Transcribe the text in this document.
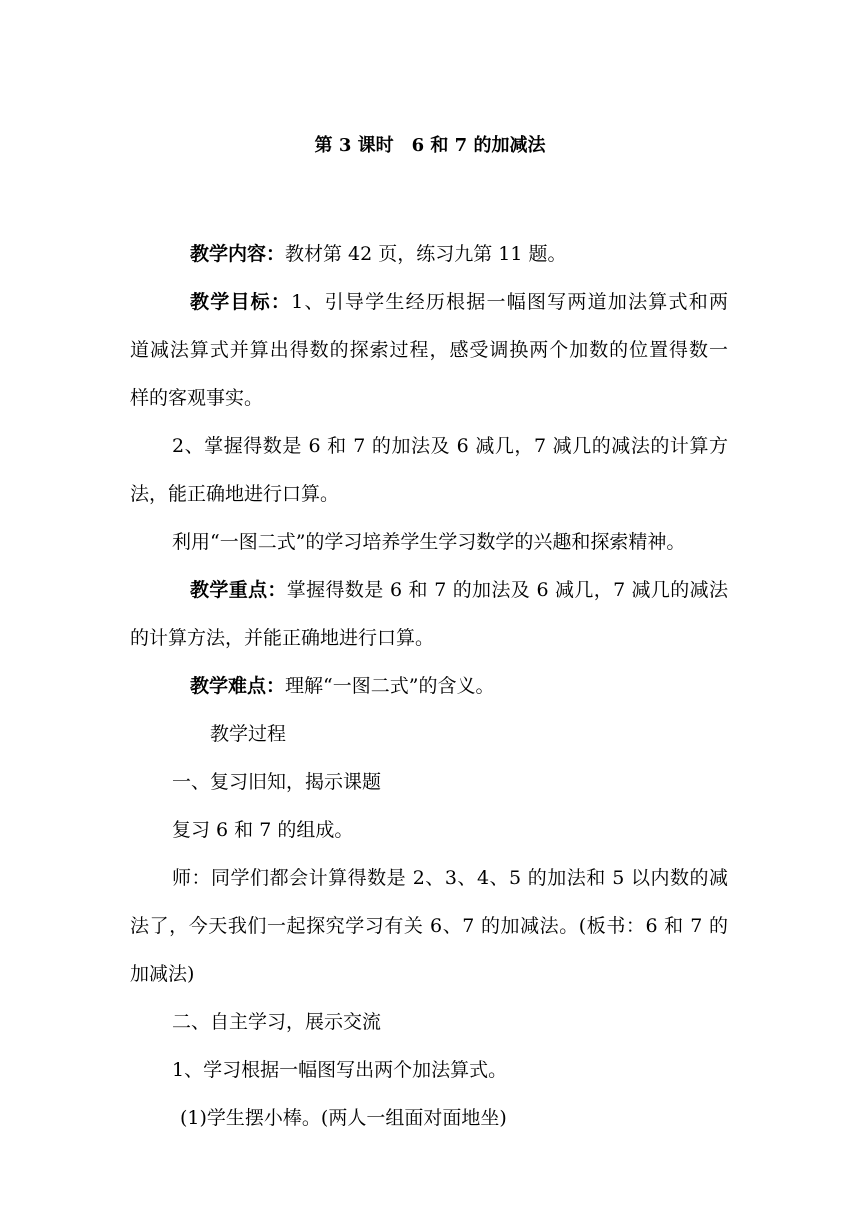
第 3 课时　6 和 7 的加减法
教学内容：教材第 42 页，练习九第 11 题。
教学目标：1、引导学生经历根据一幅图写两道加法算式和两
道减法算式并算出得数的探索过程，感受调换两个加数的位置得数一
样的客观事实。
2、掌握得数是 6 和 7 的加法及 6 减几，7 减几的减法的计算方
法，能正确地进行口算。
利用“一图二式”的学习培养学生学习数学的兴趣和探索精神。
教学重点：掌握得数是 6 和 7 的加法及 6 减几，7 减几的减法
的计算方法，并能正确地进行口算。
教学难点：理解“一图二式”的含义。
教学过程
一、复习旧知，揭示课题
复习 6 和 7 的组成。
师：同学们都会计算得数是 2、3、4、5 的加法和 5 以内数的减
法了，今天我们一起探究学习有关 6、7 的加减法。(板书：6 和 7 的
加减法)
二、自主学习，展示交流
1、学习根据一幅图写出两个加法算式。
(1)学生摆小棒。(两人一组面对面地坐)
